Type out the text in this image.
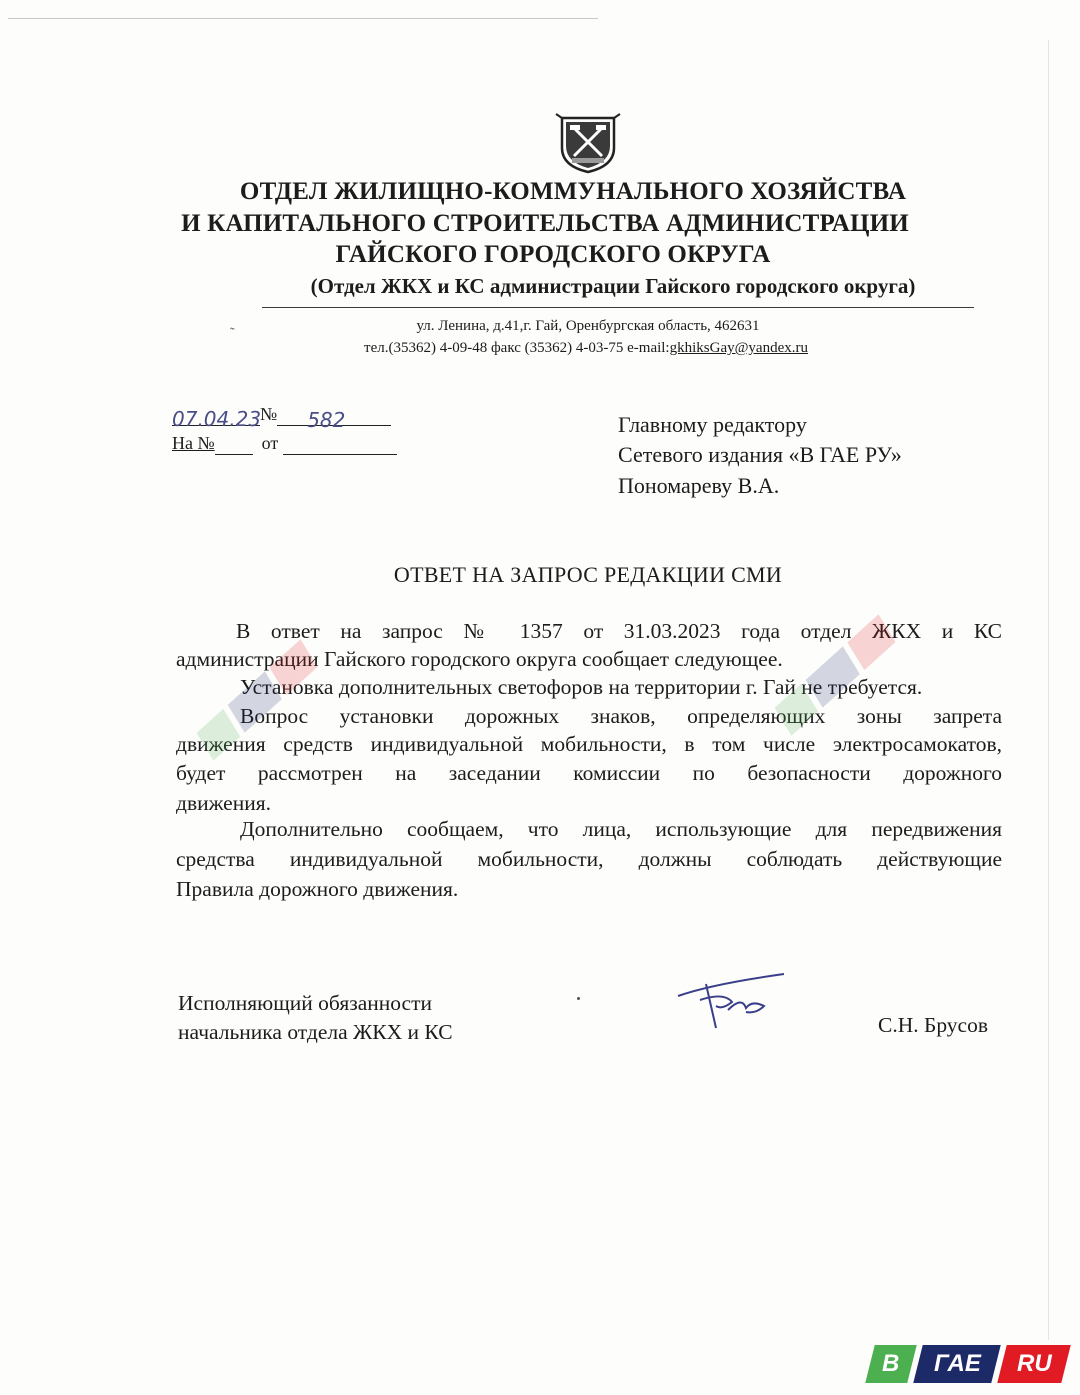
ОТДЕЛ ЖИЛИЩНО-КОММУНАЛЬНОГО ХОЗЯЙСТВА
И КАПИТАЛЬНОГО СТРОИТЕЛЬСТВА АДМИНИСТРАЦИИ
ГАЙСКОГО ГОРОДСКОГО ОКРУГА
(Отдел ЖКХ и КС администрации Гайского городского округа)
˜	ул. Ленина, д.41,г. Гай, Оренбургская область, 462631
тел.(35362) 4-09-48 факс (35362) 4-03-75 e-mail:gkhiksGay@yandex.ru
07.04.23№ 582
На №	от
Главному редактору
Сетевого издания «В ГАЕ РУ»
Пономареву В.А.
ОТВЕТ НА ЗАПРОС РЕДАКЦИИ СМИ
В ответ на запрос № 1357 от 31.03.2023 года отдел ЖКХ и КС
администрации Гайского городского округа сообщает следующее.
Установка дополнительных светофоров на территории г. Гай не требуется.
Вопрос установки дорожных знаков, определяющих зоны запрета
движения средств индивидуальной мобильности, в том числе электросамокатов,
будет рассмотрен на заседании комиссии по безопасности дорожного
движения.
Дополнительно сообщаем, что лица, использующие для передвижения
средства индивидуальной мобильности, должны соблюдать действующие
Правила дорожного движения.
Исполняющий обязанности
начальника отдела ЖКХ и КС	С.Н. Брусов
В	ГАЕ	RU
